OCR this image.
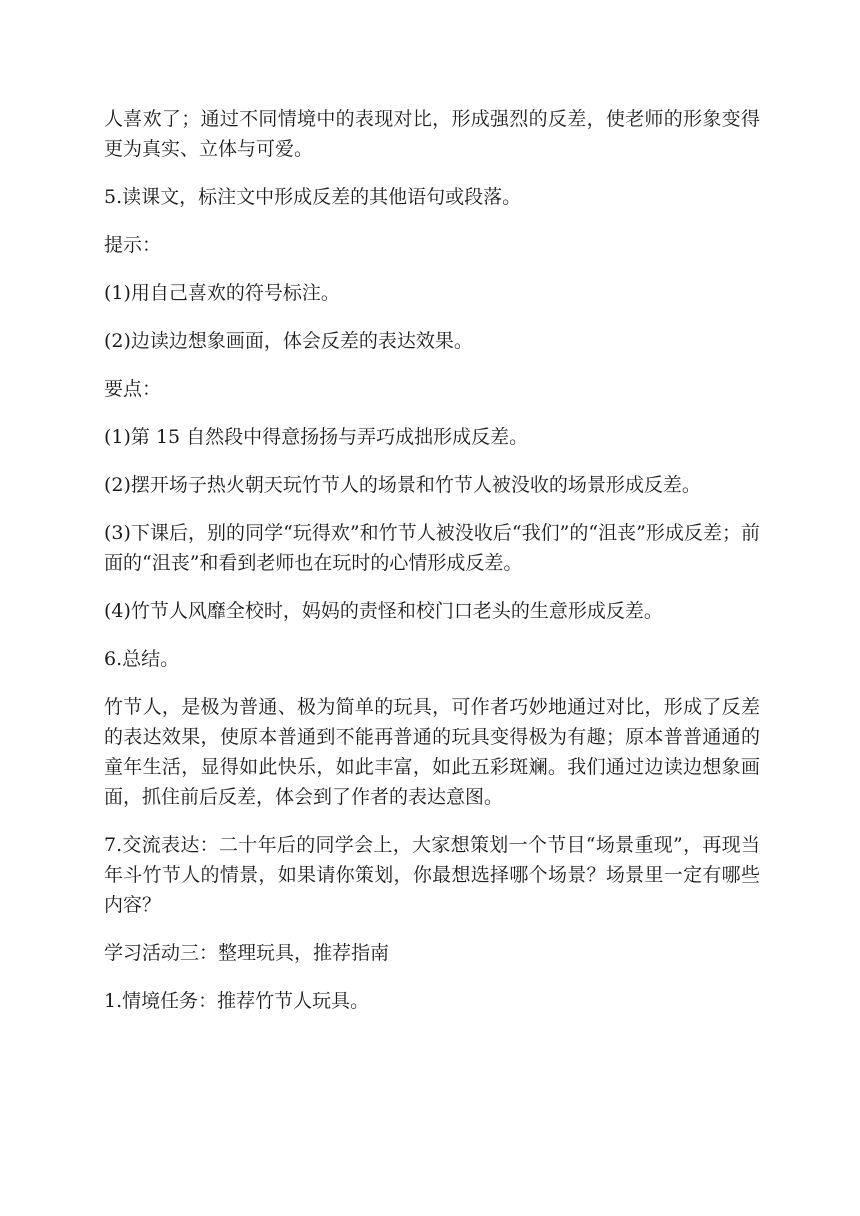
人喜欢了；通过不同情境中的表现对比，形成强烈的反差，使老师的形象变得更为真实、立体与可爱。

5.读课文，标注文中形成反差的其他语句或段落。

提示：

(1)用自己喜欢的符号标注。

(2)边读边想象画面，体会反差的表达效果。

要点：

(1)第 15 自然段中得意扬扬与弄巧成拙形成反差。

(2)摆开场子热火朝天玩竹节人的场景和竹节人被没收的场景形成反差。

(3)下课后，别的同学“玩得欢”和竹节人被没收后“我们”的“沮丧”形成反差；前面的“沮丧”和看到老师也在玩时的心情形成反差。

(4)竹节人风靡全校时，妈妈的责怪和校门口老头的生意形成反差。

6.总结。

竹节人，是极为普通、极为简单的玩具，可作者巧妙地通过对比，形成了反差的表达效果，使原本普通到不能再普通的玩具变得极为有趣；原本普普通通的童年生活，显得如此快乐，如此丰富，如此五彩斑斓。我们通过边读边想象画面，抓住前后反差，体会到了作者的表达意图。

7.交流表达：二十年后的同学会上，大家想策划一个节目“场景重现”，再现当年斗竹节人的情景，如果请你策划，你最想选择哪个场景？场景里一定有哪些内容？

学习活动三：整理玩具，推荐指南

1.情境任务：推荐竹节人玩具。
